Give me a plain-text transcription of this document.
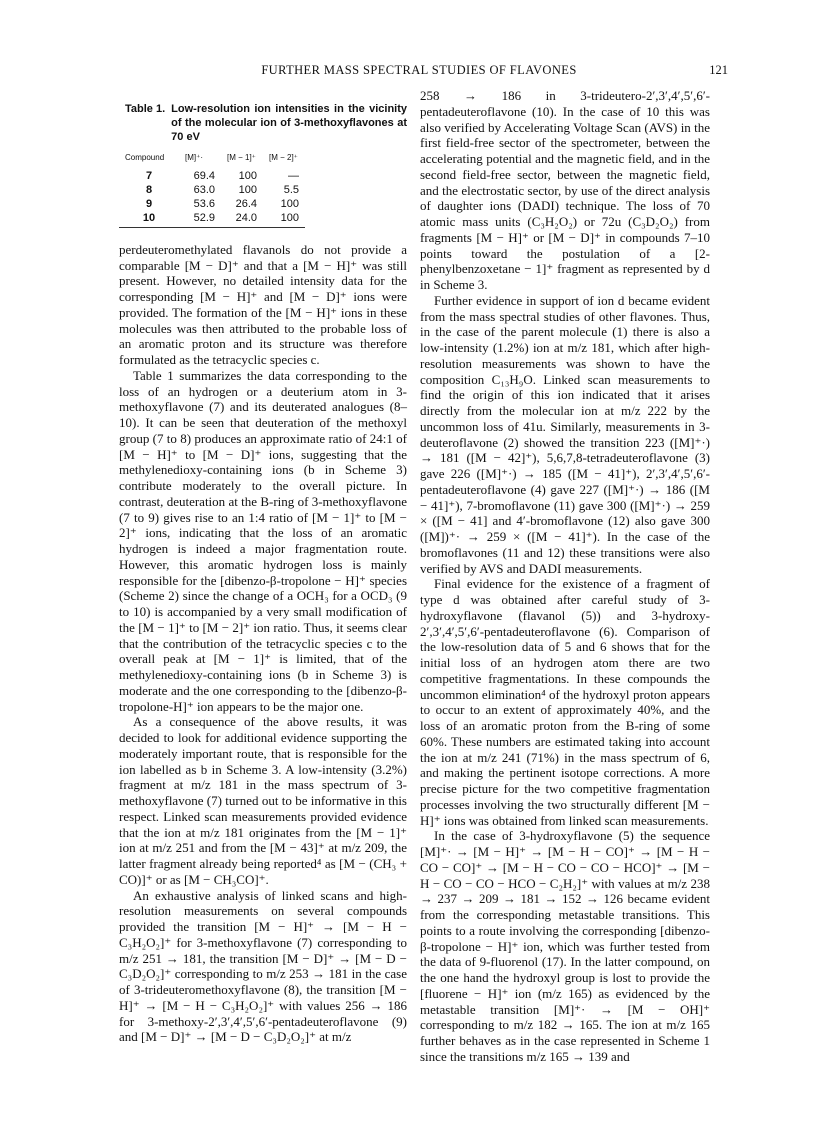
FURTHER MASS SPECTRAL STUDIES OF FLAVONES	121
Table 1. Low-resolution ion intensities in the vicinity of the molecular ion of 3-methoxyflavones at 70 eV
Compound	[M]⁺·	[M − 1]⁺	[M − 2]⁺
7	69.4	100	—
8	63.0	100	5.5
9	53.6	26.4	100
10	52.9	24.0	100

perdeuteromethylated flavanols do not provide a comparable [M − D]⁺ and that a [M − H]⁺ was still present. However, no detailed intensity data for the corresponding [M − H]⁺ and [M − D]⁺ ions were provided. The formation of the [M − H]⁺ ions in these molecules was then attributed to the probable loss of an aromatic proton and its structure was therefore formulated as the tetracyclic species c.

Table 1 summarizes the data corresponding to the loss of an hydrogen or a deuterium atom in 3-methoxyflavone (7) and its deuterated analogues (8–10). It can be seen that deuteration of the methoxyl group (7 to 8) produces an approximate ratio of 24:1 of [M − H]⁺ to [M − D]⁺ ions, suggesting that the methylenedioxy-containing ions (b in Scheme 3) contribute moderately to the overall picture. In contrast, deuteration at the B-ring of 3-methoxyflavone (7 to 9) gives rise to an 1:4 ratio of [M − 1]⁺ to [M − 2]⁺ ions, indicating that the loss of an aromatic hydrogen is indeed a major fragmentation route. However, this aromatic hydrogen loss is mainly responsible for the [dibenzo-β-tropolone − H]⁺ species (Scheme 2) since the change of a OCH₃ for a OCD₃ (9 to 10) is accompanied by a very small modification of the [M − 1]⁺ to [M − 2]⁺ ion ratio. Thus, it seems clear that the contribution of the tetracyclic species c to the overall peak at [M − 1]⁺ is limited, that of the methylenedioxy-containing ions (b in Scheme 3) is moderate and the one corresponding to the [dibenzo-β-tropolone-H]⁺ ion appears to be the major one.

As a consequence of the above results, it was decided to look for additional evidence supporting the moderately important route, that is responsible for the ion labelled as b in Scheme 3. A low-intensity (3.2%) fragment at m/z 181 in the mass spectrum of 3-methoxyflavone (7) turned out to be informative in this respect. Linked scan measurements provided evidence that the ion at m/z 181 originates from the [M − 1]⁺ ion at m/z 251 and from the [M − 43]⁺ at m/z 209, the latter fragment already being reported⁴ as [M − (CH₃ + CO)]⁺ or as [M − CH₃CO]⁺.

An exhaustive analysis of linked scans and high-resolution measurements on several compounds provided the transition [M − H]⁺ → [M − H − C₃H₂O₂]⁺ for 3-methoxyflavone (7) corresponding to m/z 251 → 181, the transition [M − D]⁺ → [M − D − C₃D₂O₂]⁺ corresponding to m/z 253 → 181 in the case of 3-trideuteromethoxyflavone (8), the transition [M − H]⁺ → [M − H − C₃H₂O₂]⁺ with values 256 → 186 for 3-methoxy-2′,3′,4′,5′,6′-pentadeuteroflavone (9) and [M − D]⁺ → [M − D − C₃D₂O₂]⁺ at m/z

258 → 186 in 3-trideutero-2′,3′,4′,5′,6′-pentadeuteroflavone (10). In the case of 10 this was also verified by Accelerating Voltage Scan (AVS) in the first field-free sector of the spectrometer, between the accelerating potential and the magnetic field, and in the second field-free sector, between the magnetic field, and the electrostatic sector, by use of the direct analysis of daughter ions (DADI) technique. The loss of 70 atomic mass units (C₃H₂O₂) or 72u (C₃D₂O₂) from fragments [M − H]⁺ or [M − D]⁺ in compounds 7–10 points toward the postulation of a [2-phenylbenzoxetane − 1]⁺ fragment as represented by d in Scheme 3.

Further evidence in support of ion d became evident from the mass spectral studies of other flavones. Thus, in the case of the parent molecule (1) there is also a low-intensity (1.2%) ion at m/z 181, which after high-resolution measurements was shown to have the composition C₁₃H₉O. Linked scan measurements to find the origin of this ion indicated that it arises directly from the molecular ion at m/z 222 by the uncommon loss of 41u. Similarly, measurements in 3-deuteroflavone (2) showed the transition 223 ([M]⁺·) → 181 ([M − 42]⁺), 5,6,7,8-tetradeuteroflavone (3) gave 226 ([M]⁺·) → 185 ([M − 41]⁺), 2′,3′,4′,5′,6′-pentadeuteroflavone (4) gave 227 ([M]⁺·) → 186 ([M − 41]⁺), 7-bromoflavone (11) gave 300 ([M]⁺·) → 259 × ([M − 41] and 4′-bromoflavone (12) also gave 300 ([M])⁺· → 259 × ([M − 41]⁺). In the case of the bromoflavones (11 and 12) these transitions were also verified by AVS and DADI measurements.

Final evidence for the existence of a fragment of type d was obtained after careful study of 3-hydroxyflavone (flavanol (5)) and 3-hydroxy-2′,3′,4′,5′,6′-pentadeuteroflavone (6). Comparison of the low-resolution data of 5 and 6 shows that for the initial loss of an hydrogen atom there are two competitive fragmentations. In these compounds the uncommon elimination⁴ of the hydroxyl proton appears to occur to an extent of approximately 40%, and the loss of an aromatic proton from the B-ring of some 60%. These numbers are estimated taking into account the ion at m/z 241 (71%) in the mass spectrum of 6, and making the pertinent isotope corrections. A more precise picture for the two competitive fragmentation processes involving the two structurally different [M − H]⁺ ions was obtained from linked scan measurements.

In the case of 3-hydroxyflavone (5) the sequence [M]⁺· → [M − H]⁺ → [M − H − CO]⁺ → [M − H − CO − CO]⁺ → [M − H − CO − CO − HCO]⁺ → [M − H − CO − CO − HCO − C₂H₂]⁺ with values at m/z 238 → 237 → 209 → 181 → 152 → 126 became evident from the corresponding metastable transitions. This points to a route involving the corresponding [dibenzo-β-tropolone − H]⁺ ion, which was further tested from the data of 9-fluorenol (17). In the latter compound, on the one hand the hydroxyl group is lost to provide the [fluorene − H]⁺ ion (m/z 165) as evidenced by the metastable transition [M]⁺· → [M − OH]⁺ corresponding to m/z 182 → 165. The ion at m/z 165 further behaves as in the case represented in Scheme 1 since the transitions m/z 165 → 139 and
